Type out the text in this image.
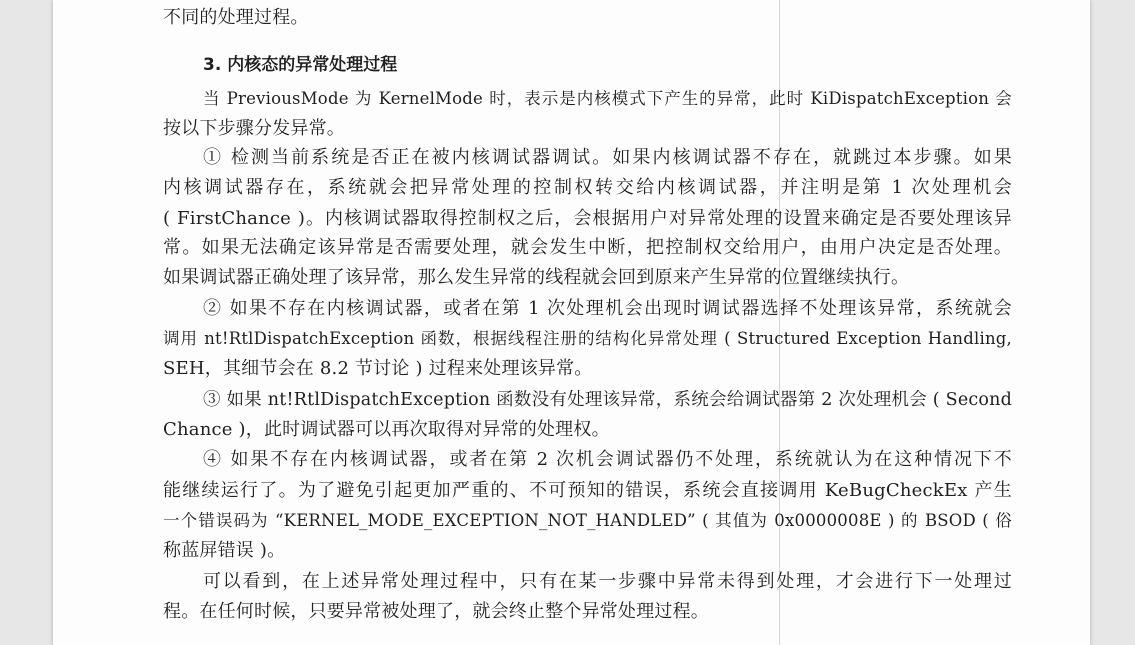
不同的处理过程。
3. 内核态的异常处理过程
当 PreviousMode 为 KernelMode 时，表示是内核模式下产生的异常，此时 KiDispatchException 会
按以下步骤分发异常。
① 检测当前系统是否正在被内核调试器调试。如果内核调试器不存在，就跳过本步骤。如果
内核调试器存在，系统就会把异常处理的控制权转交给内核调试器，并注明是第 1 次处理机会
( FirstChance )。内核调试器取得控制权之后，会根据用户对异常处理的设置来确定是否要处理该异
常。如果无法确定该异常是否需要处理，就会发生中断，把控制权交给用户，由用户决定是否处理。
如果调试器正确处理了该异常，那么发生异常的线程就会回到原来产生异常的位置继续执行。
② 如果不存在内核调试器，或者在第 1 次处理机会出现时调试器选择不处理该异常，系统就会
调用 nt!RtlDispatchException 函数，根据线程注册的结构化异常处理 ( Structured Exception Handling,
SEH，其细节会在 8.2 节讨论 ) 过程来处理该异常。
③ 如果 nt!RtlDispatchException 函数没有处理该异常，系统会给调试器第 2 次处理机会 ( Second
Chance )，此时调试器可以再次取得对异常的处理权。
④ 如果不存在内核调试器，或者在第 2 次机会调试器仍不处理，系统就认为在这种情况下不
能继续运行了。为了避免引起更加严重的、不可预知的错误，系统会直接调用 KeBugCheckEx 产生
一个错误码为 “KERNEL_MODE_EXCEPTION_NOT_HANDLED” ( 其值为 0x0000008E ) 的 BSOD ( 俗
称蓝屏错误 )。
可以看到，在上述异常处理过程中，只有在某一步骤中异常未得到处理，才会进行下一处理过
程。在任何时候，只要异常被处理了，就会终止整个异常处理过程。
